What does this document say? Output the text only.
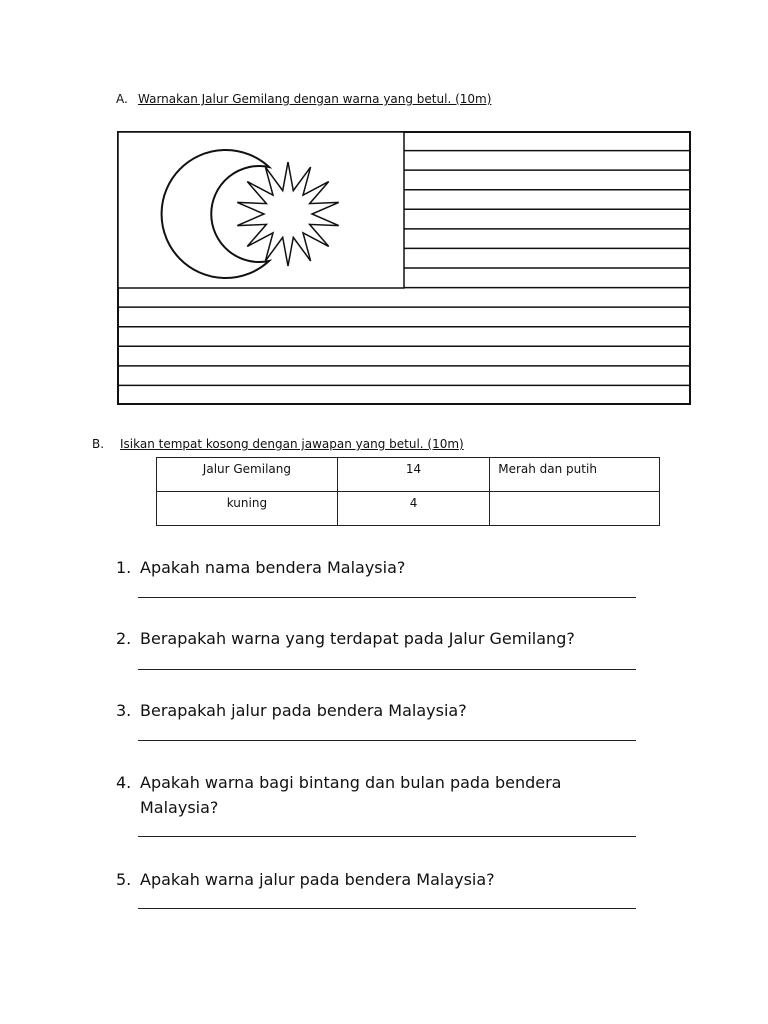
A. Warnakan Jalur Gemilang dengan warna yang betul. (10m)
B. Isikan tempat kosong dengan jawapan yang betul. (10m)
Jalur Gemilang	14	Merah dan putih
kuning	4	
1. Apakah nama bendera Malaysia?
2. Berapakah warna yang terdapat pada Jalur Gemilang?
3. Berapakah jalur pada bendera Malaysia?
4. Apakah warna bagi bintang dan bulan pada bendera Malaysia?
5. Apakah warna jalur pada bendera Malaysia?
